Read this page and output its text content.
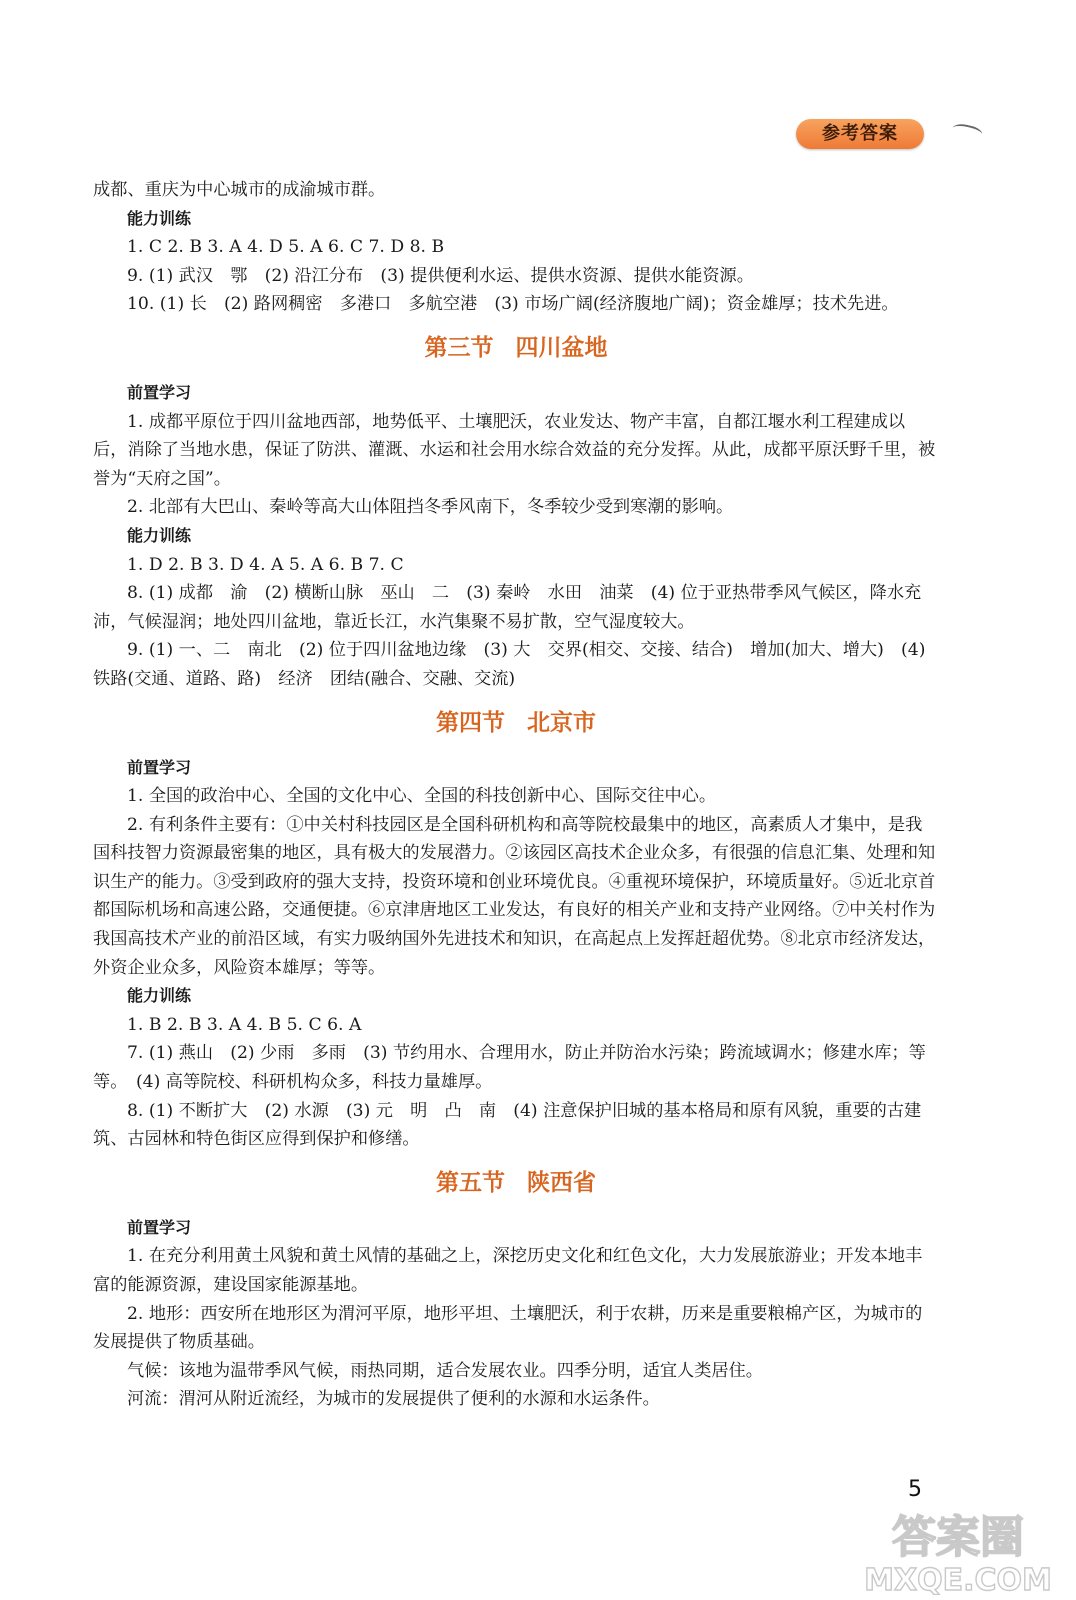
参考答案

成都、重庆为中心城市的成渝城市群。

能力训练

1. C 2. B 3. A 4. D 5. A 6. C 7. D 8. B

9. (1) 武汉　鄂　(2) 沿江分布　(3) 提供便利水运、提供水资源、提供水能资源。

10. (1) 长　(2) 路网稠密　多港口　多航空港　(3) 市场广阔(经济腹地广阔)；资金雄厚；技术先进。

第三节 四川盆地

前置学习

1. 成都平原位于四川盆地西部，地势低平、土壤肥沃，农业发达、物产丰富，自都江堰水利工程建成以后，消除了当地水患，保证了防洪、灌溉、水运和社会用水综合效益的充分发挥。从此，成都平原沃野千里，被誉为“天府之国”。

2. 北部有大巴山、秦岭等高大山体阻挡冬季风南下，冬季较少受到寒潮的影响。

能力训练

1. D 2. B 3. D 4. A 5. A 6. B 7. C

8. (1) 成都　渝　(2) 横断山脉　巫山　二　(3) 秦岭　水田　油菜　(4) 位于亚热带季风气候区，降水充沛，气候湿润；地处四川盆地，靠近长江，水汽集聚不易扩散，空气湿度较大。

9. (1) 一、二　南北　(2) 位于四川盆地边缘　(3) 大　交界(相交、交接、结合)　增加(加大、增大)　(4) 铁路(交通、道路、路)　经济　团结(融合、交融、交流)

第四节 北京市

前置学习

1. 全国的政治中心、全国的文化中心、全国的科技创新中心、国际交往中心。

2. 有利条件主要有：①中关村科技园区是全国科研机构和高等院校最集中的地区，高素质人才集中，是我国科技智力资源最密集的地区，具有极大的发展潜力。②该园区高技术企业众多，有很强的信息汇集、处理和知识生产的能力。③受到政府的强大支持，投资环境和创业环境优良。④重视环境保护，环境质量好。⑤近北京首都国际机场和高速公路，交通便捷。⑥京津唐地区工业发达，有良好的相关产业和支持产业网络。⑦中关村作为我国高技术产业的前沿区域，有实力吸纳国外先进技术和知识，在高起点上发挥赶超优势。⑧北京市经济发达，外资企业众多，风险资本雄厚；等等。

能力训练

1. B 2. B 3. A 4. B 5. C 6. A

7. (1) 燕山　(2) 少雨　多雨　(3) 节约用水、合理用水，防止并防治水污染；跨流域调水；修建水库；等等。　(4) 高等院校、科研机构众多，科技力量雄厚。

8. (1) 不断扩大　(2) 水源　(3) 元　明　凸　南　(4) 注意保护旧城的基本格局和原有风貌，重要的古建筑、古园林和特色街区应得到保护和修缮。

第五节 陕西省

前置学习

1. 在充分利用黄土风貌和黄土风情的基础之上，深挖历史文化和红色文化，大力发展旅游业；开发本地丰富的能源资源，建设国家能源基地。

2. 地形：西安所在地形区为渭河平原，地形平坦、土壤肥沃，利于农耕，历来是重要粮棉产区，为城市的发展提供了物质基础。

气候：该地为温带季风气候，雨热同期，适合发展农业。四季分明，适宜人类居住。

河流：渭河从附近流经，为城市的发展提供了便利的水源和水运条件。

5
答案圈
MXQE.COM
